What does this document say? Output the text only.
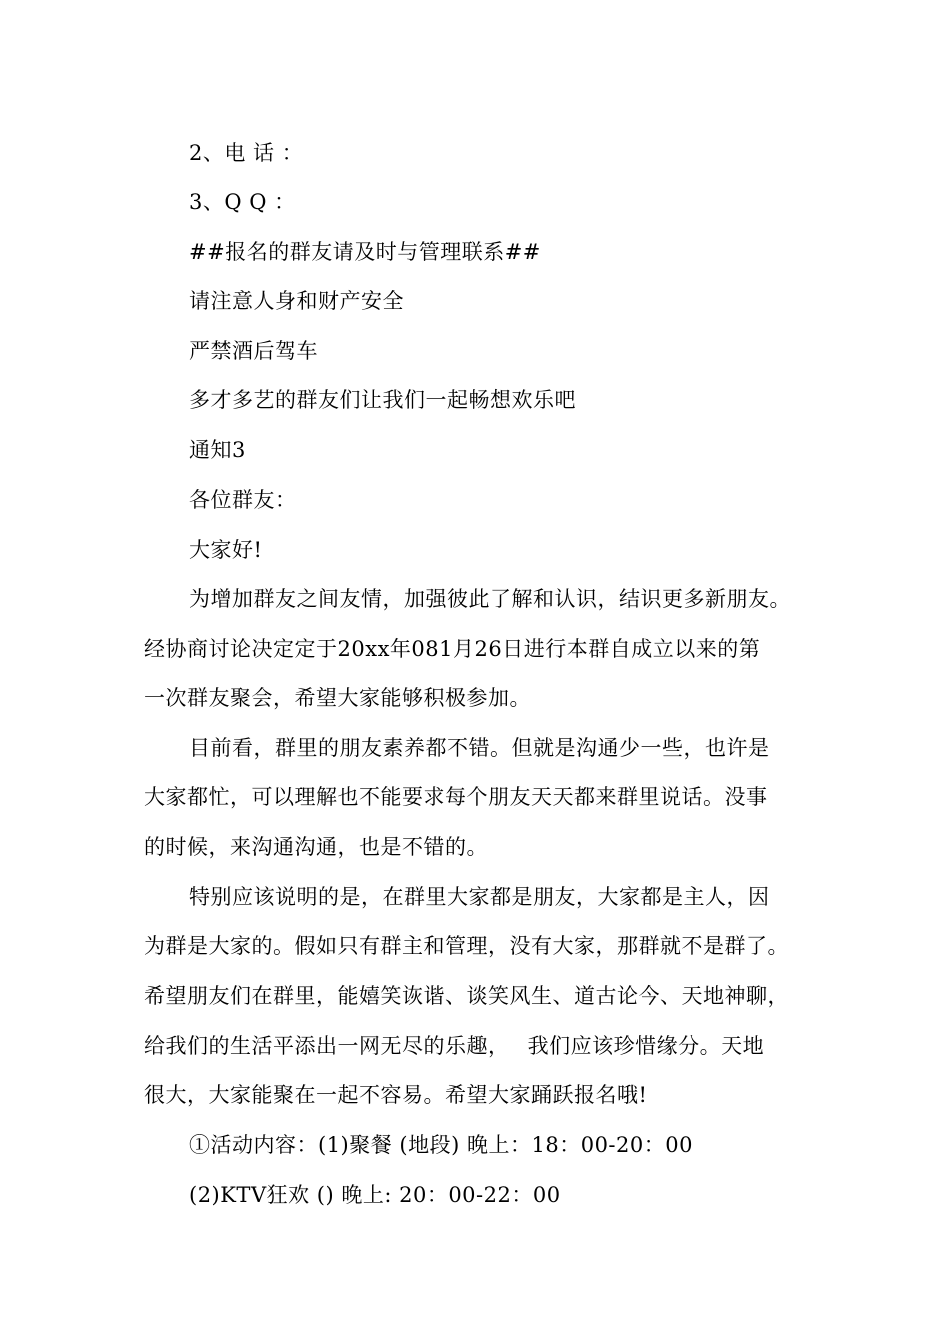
2、电 话 ：
3、Q Q ：
##报名的群友请及时与管理联系##
请注意人身和财产安全
严禁酒后驾车
多才多艺的群友们让我们一起畅想欢乐吧
通知3
各位群友：
大家好!
为增加群友之间友情，加强彼此了解和认识，结识更多新朋友。
经协商讨论决定定于20xx年081月26日进行本群自成立以来的第
一次群友聚会，希望大家能够积极参加。
目前看，群里的朋友素养都不错。但就是沟通少一些，也许是
大家都忙，可以理解也不能要求每个朋友天天都来群里说话。没事
的时候，来沟通沟通，也是不错的。
特别应该说明的是，在群里大家都是朋友，大家都是主人，因
为群是大家的。假如只有群主和管理，没有大家，那群就不是群了。
希望朋友们在群里，能嬉笑诙谐、谈笑风生、道古论今、天地神聊，
给我们的生活平添出一网无尽的乐趣，　 我们应该珍惜缘分。天地
很大，大家能聚在一起不容易。希望大家踊跃报名哦!
①活动内容：(1)聚餐 (地段) 晚上：18：00-20：00
(2)KTV狂欢 () 晚上: 20：00-22：00
